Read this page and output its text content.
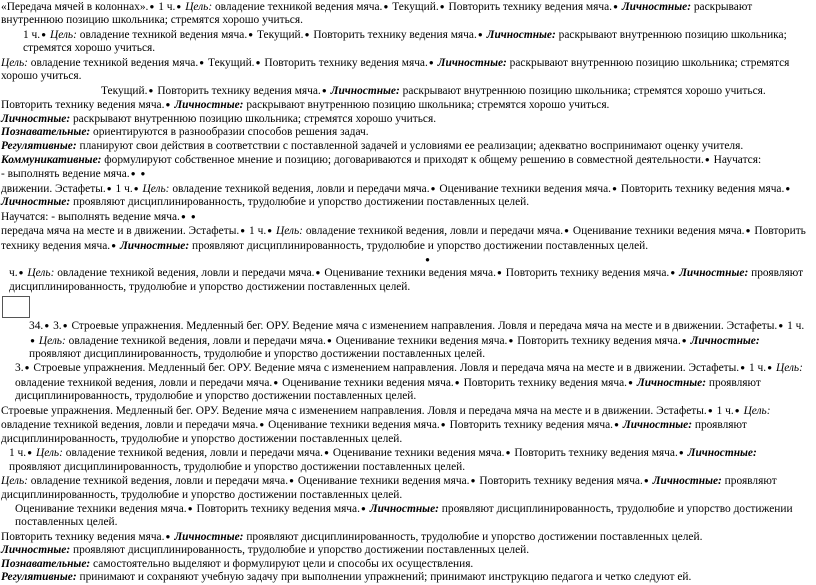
«Передача мячей в колоннах».● 1 ч.● Цель: овладение техникой ведения мяча.● Текущий.● Повторить технику ведения мяча.● Личностные: раскрывают внутреннюю позицию школьника; стремятся хорошо учиться.
1 ч.● Цель: овладение техникой ведения мяча.● Текущий.● Повторить технику ведения мяча.● Личностные: раскрывают внутреннюю позицию школьника; стремятся хорошо учиться.
Цель: овладение техникой ведения мяча.● Текущий.● Повторить технику ведения мяча.● Личностные: раскрывают внутреннюю позицию школьника; стремятся хорошо учиться.
Текущий.● Повторить технику ведения мяча.● Личностные: раскрывают внутреннюю позицию школьника; стремятся хорошо учиться.
Повторить технику ведения мяча.● Личностные: раскрывают внутреннюю позицию школьника; стремятся хорошо учиться.
Личностные: раскрывают внутреннюю позицию школьника; стремятся хорошо учиться.
Познавательные: ориентируются в разнообразии способов решения задач.
Регулятивные: планируют свои действия в соответствии с поставленной задачей и условиями ее реализации; адекватно воспринимают оценку учителя.
Коммуникативные: формулируют собственное мнение и позицию; договариваются и приходят к общему решению в совместной деятельности.● Научатся:
- выполнять ведение мяча.● ●
движении. Эстафеты.● 1 ч.● Цель: овладение техникой ведения, ловли и передачи мяча.● Оценивание техники ведения мяча.● Повторить технику ведения мяча.● Личностные: проявляют дисциплинированность, трудолюбие и упорство достижении поставленных целей.
Научатся: - выполнять ведение мяча.● ●
передача мяча на месте и в движении. Эстафеты.● 1 ч.● Цель: овладение техникой ведения, ловли и передачи мяча.● Оценивание техники ведения мяча.● Повторить технику ведения мяча.● Личностные: проявляют дисциплинированность, трудолюбие и упорство достижении поставленных целей.
●
ч.● Цель: овладение техникой ведения, ловли и передачи мяча.● Оценивание техники ведения мяча.● Повторить технику ведения мяча.● Личностные: проявляют дисциплинированность, трудолюбие и упорство достижении поставленных целей.
34.● 3.● Строевые упражнения. Медленный бег. ОРУ. Ведение мяча с изменением направления. Ловля и передача мяча на месте и в движении. Эстафеты.● 1 ч.● Цель: овладение техникой ведения, ловли и передачи мяча.● Оценивание техники ведения мяча.● Повторить технику ведения мяча.● Личностные: проявляют дисциплинированность, трудолюбие и упорство достижении поставленных целей.
3.● Строевые упражнения. Медленный бег. ОРУ. Ведение мяча с изменением направления. Ловля и передача мяча на месте и в движении. Эстафеты.● 1 ч.● Цель: овладение техникой ведения, ловли и передачи мяча.● Оценивание техники ведения мяча.● Повторить технику ведения мяча.● Личностные: проявляют дисциплинированность, трудолюбие и упорство достижении поставленных целей.
Строевые упражнения. Медленный бег. ОРУ. Ведение мяча с изменением направления. Ловля и передача мяча на месте и в движении. Эстафеты.● 1 ч.● Цель: овладение техникой ведения, ловли и передачи мяча.● Оценивание техники ведения мяча.● Повторить технику ведения мяча.● Личностные: проявляют дисциплинированность, трудолюбие и упорство достижении поставленных целей.
1 ч.● Цель: овладение техникой ведения, ловли и передачи мяча.● Оценивание техники ведения мяча.● Повторить технику ведения мяча.● Личностные: проявляют дисциплинированность, трудолюбие и упорство достижении поставленных целей.
Цель: овладение техникой ведения, ловли и передачи мяча.● Оценивание техники ведения мяча.● Повторить технику ведения мяча.● Личностные: проявляют дисциплинированность, трудолюбие и упорство достижении поставленных целей.
Оценивание техники ведения мяча.● Повторить технику ведения мяча.● Личностные: проявляют дисциплинированность, трудолюбие и упорство достижении поставленных целей.
Повторить технику ведения мяча.● Личностные: проявляют дисциплинированность, трудолюбие и упорство достижении поставленных целей.
Личностные: проявляют дисциплинированность, трудолюбие и упорство достижении поставленных целей.
Познавательные: самостоятельно выделяют и формулируют цели и способы их осуществления.
Регулятивные: принимают и сохраняют учебную задачу при выполнении упражнений; принимают инструкцию педагога и четко следуют ей.
